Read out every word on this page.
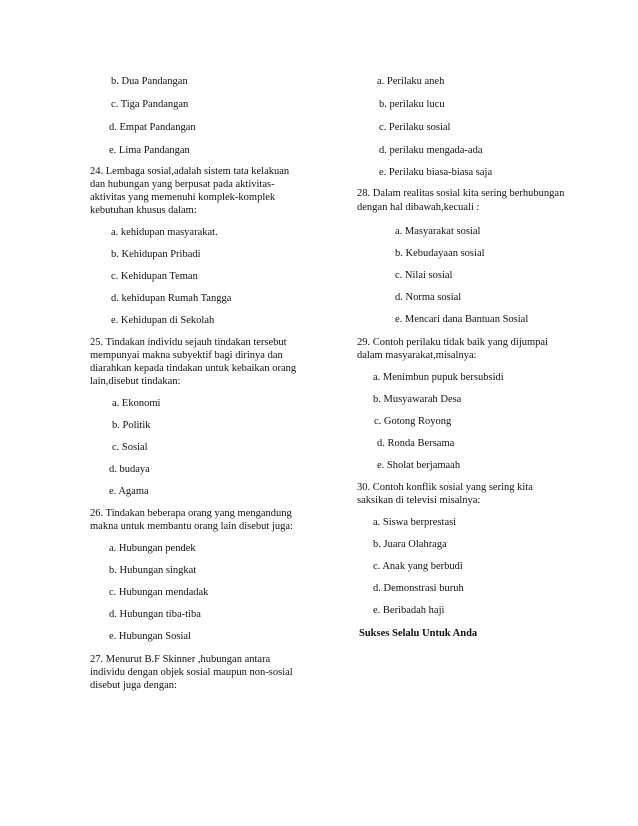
b. Dua Pandangan
c. Tiga Pandangan
d. Empat Pandangan
e. Lima Pandangan
24. Lembaga sosial,adalah sistem tata kelakuan
dan hubungan yang berpusat pada aktivitas-
aktivitas yang memenuhi komplek-komplek
kebutuhan khusus dalam:
a. kehidupan masyarakat.
b. Kehidupan Pribadi
c. Kehidupan Teman
d. kehidupan Rumah Tangga
e. Kehidupan di Sekolah
25. Tindakan individu sejauh tindakan tersebut
mempunyai makna subyektif bagi dirinya dan
diarahkan kepada tindakan untuk kebaikan orang
lain,disebut tindakan:
a. Ekonomi
b. Politik
c. Sosial
d. budaya
e. Agama
26. Tindakan beberapa orang yang mengandung
makna untuk membantu orang lain disebut juga:
a. Hubungan pendek
b. Hubungan singkat
c. Hubungan mendadak
d. Hubungan tiba-tiba
e. Hubungan Sosial
27. Menurut B.F Skinner ,hubungan antara
individu dengan objek sosial maupun non-sosial
disebut juga dengan:
a. Perilaku aneh
b. perilaku lucu
c. Perilaku sosial
d. perilaku mengada-ada
e. Perilaku biasa-biasa saja
28. Dalam realitas sosial kita sering berhubungan
dengan hal dibawah,kecuali :
a. Masyarakat sosial
b. Kebudayaan sosial
c. Nilai sosial
d. Norma sosial
e. Mencari dana Bantuan Sosial
29. Contoh perilaku tidak baik yang dijumpai
dalam masyarakat,misalnya:
a. Menimbun pupuk bersubsidi
b. Musyawarah Desa
c. Gotong Royong
d. Ronda Bersama
e. Sholat berjamaah
30. Contoh konflik sosial yang sering kita
saksikan di televisi misalnya:
a. Siswa berprestasi
b. Juara Olahraga
c. Anak yang berbudi
d. Demonstrasi buruh
e. Beribadah haji
Sukses Selalu Untuk Anda
